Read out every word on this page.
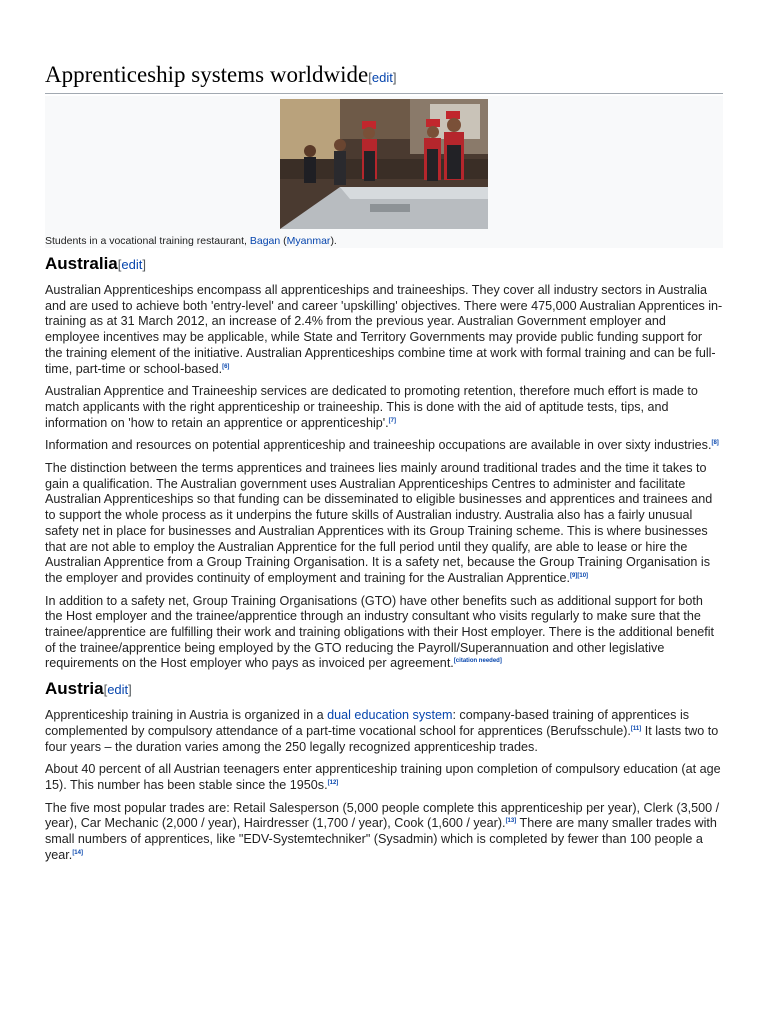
Apprenticeship systems worldwide[edit]
Students in a vocational training restaurant, Bagan (Myanmar).
Australia[edit]

Australian Apprenticeships encompass all apprenticeships and traineeships. They cover all industry sectors in Australia and are used to achieve both 'entry-level' and career 'upskilling' objectives. There were 475,000 Australian Apprentices in-training as at 31 March 2012, an increase of 2.4% from the previous year. Australian Government employer and employee incentives may be applicable, while State and Territory Governments may provide public funding support for the training element of the initiative. Australian Apprenticeships combine time at work with formal training and can be full-time, part-time or school-based.[6]

Australian Apprentice and Traineeship services are dedicated to promoting retention, therefore much effort is made to match applicants with the right apprenticeship or traineeship. This is done with the aid of aptitude tests, tips, and information on 'how to retain an apprentice or apprenticeship'.[7]

Information and resources on potential apprenticeship and traineeship occupations are available in over sixty industries.[8]

The distinction between the terms apprentices and trainees lies mainly around traditional trades and the time it takes to gain a qualification. The Australian government uses Australian Apprenticeships Centres to administer and facilitate Australian Apprenticeships so that funding can be disseminated to eligible businesses and apprentices and trainees and to support the whole process as it underpins the future skills of Australian industry. Australia also has a fairly unusual safety net in place for businesses and Australian Apprentices with its Group Training scheme. This is where businesses that are not able to employ the Australian Apprentice for the full period until they qualify, are able to lease or hire the Australian Apprentice from a Group Training Organisation. It is a safety net, because the Group Training Organisation is the employer and provides continuity of employment and training for the Australian Apprentice.[9][10]

In addition to a safety net, Group Training Organisations (GTO) have other benefits such as additional support for both the Host employer and the trainee/apprentice through an industry consultant who visits regularly to make sure that the trainee/apprentice are fulfilling their work and training obligations with their Host employer. There is the additional benefit of the trainee/apprentice being employed by the GTO reducing the Payroll/Superannuation and other legislative requirements on the Host employer who pays as invoiced per agreement.[citation needed]

Austria[edit]

Apprenticeship training in Austria is organized in a dual education system: company-based training of apprentices is complemented by compulsory attendance of a part-time vocational school for apprentices (Berufsschule).[11] It lasts two to four years – the duration varies among the 250 legally recognized apprenticeship trades.

About 40 percent of all Austrian teenagers enter apprenticeship training upon completion of compulsory education (at age 15). This number has been stable since the 1950s.[12]

The five most popular trades are: Retail Salesperson (5,000 people complete this apprenticeship per year), Clerk (3,500 / year), Car Mechanic (2,000 / year), Hairdresser (1,700 / year), Cook (1,600 / year).[13] There are many smaller trades with small numbers of apprentices, like "EDV-Systemtechniker" (Sysadmin) which is completed by fewer than 100 people a year.[14]
